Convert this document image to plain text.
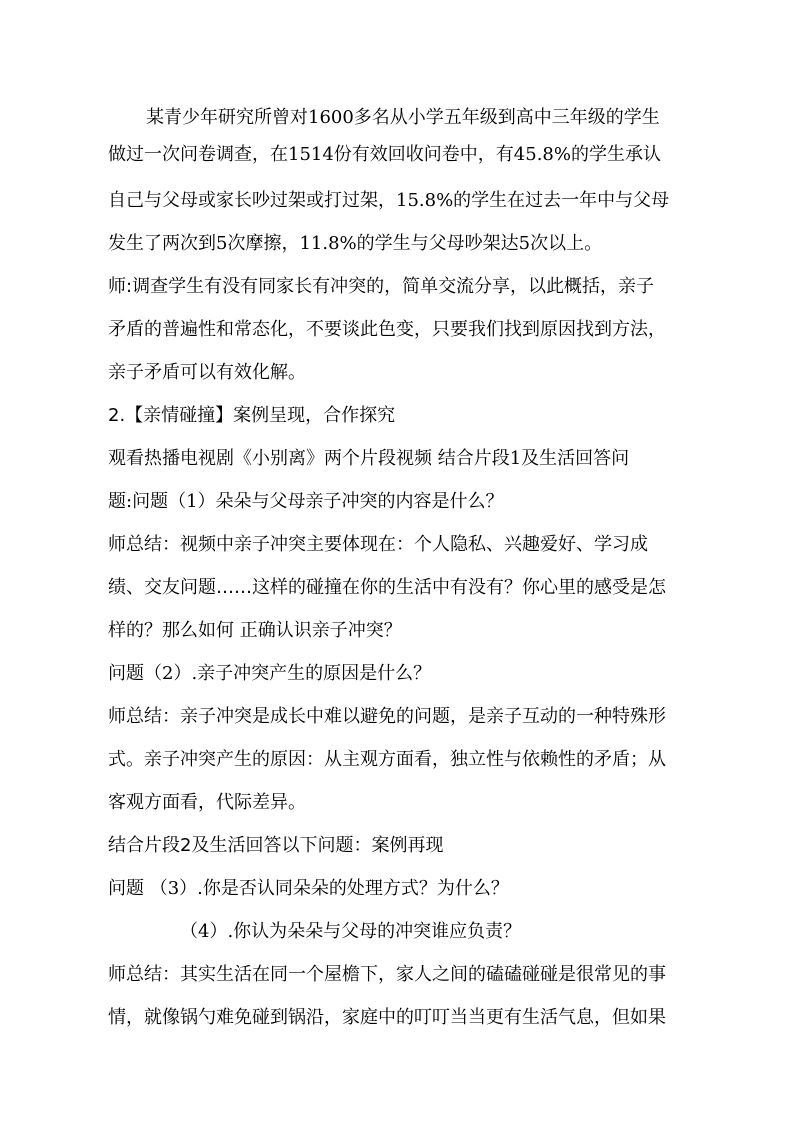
某青少年研究所曾对1600多名从小学五年级到高中三年级的学生
做过一次问卷调查，在1514份有效回收问卷中，有45.8%的学生承认
自己与父母或家长吵过架或打过架，15.8%的学生在过去一年中与父母
发生了两次到5次摩擦，11.8%的学生与父母吵架达5次以上。
师:调查学生有没有同家长有冲突的，简单交流分享，以此概括，亲子
矛盾的普遍性和常态化，不要谈此色变，只要我们找到原因找到方法，
亲子矛盾可以有效化解。
2.【亲情碰撞】案例呈现，合作探究
观看热播电视剧《小别离》两个片段视频 结合片段1及生活回答问
题:问题（1）朵朵与父母亲子冲突的内容是什么？
师总结：视频中亲子冲突主要体现在：个人隐私、兴趣爱好、学习成
绩、交友问题……这样的碰撞在你的生活中有没有？你心里的感受是怎
样的？那么如何 正确认识亲子冲突？
问题（2）.亲子冲突产生的原因是什么？
师总结：亲子冲突是成长中难以避免的问题，是亲子互动的一种特殊形
式。亲子冲突产生的原因：从主观方面看，独立性与依赖性的矛盾；从
客观方面看，代际差异。
结合片段2及生活回答以下问题：案例再现
问题 （3）.你是否认同朵朵的处理方式？为什么？
（4）.你认为朵朵与父母的冲突谁应负责？
师总结：其实生活在同一个屋檐下，家人之间的磕磕碰碰是很常见的事
情，就像锅勺难免碰到锅沿，家庭中的叮叮当当更有生活气息，但如果
